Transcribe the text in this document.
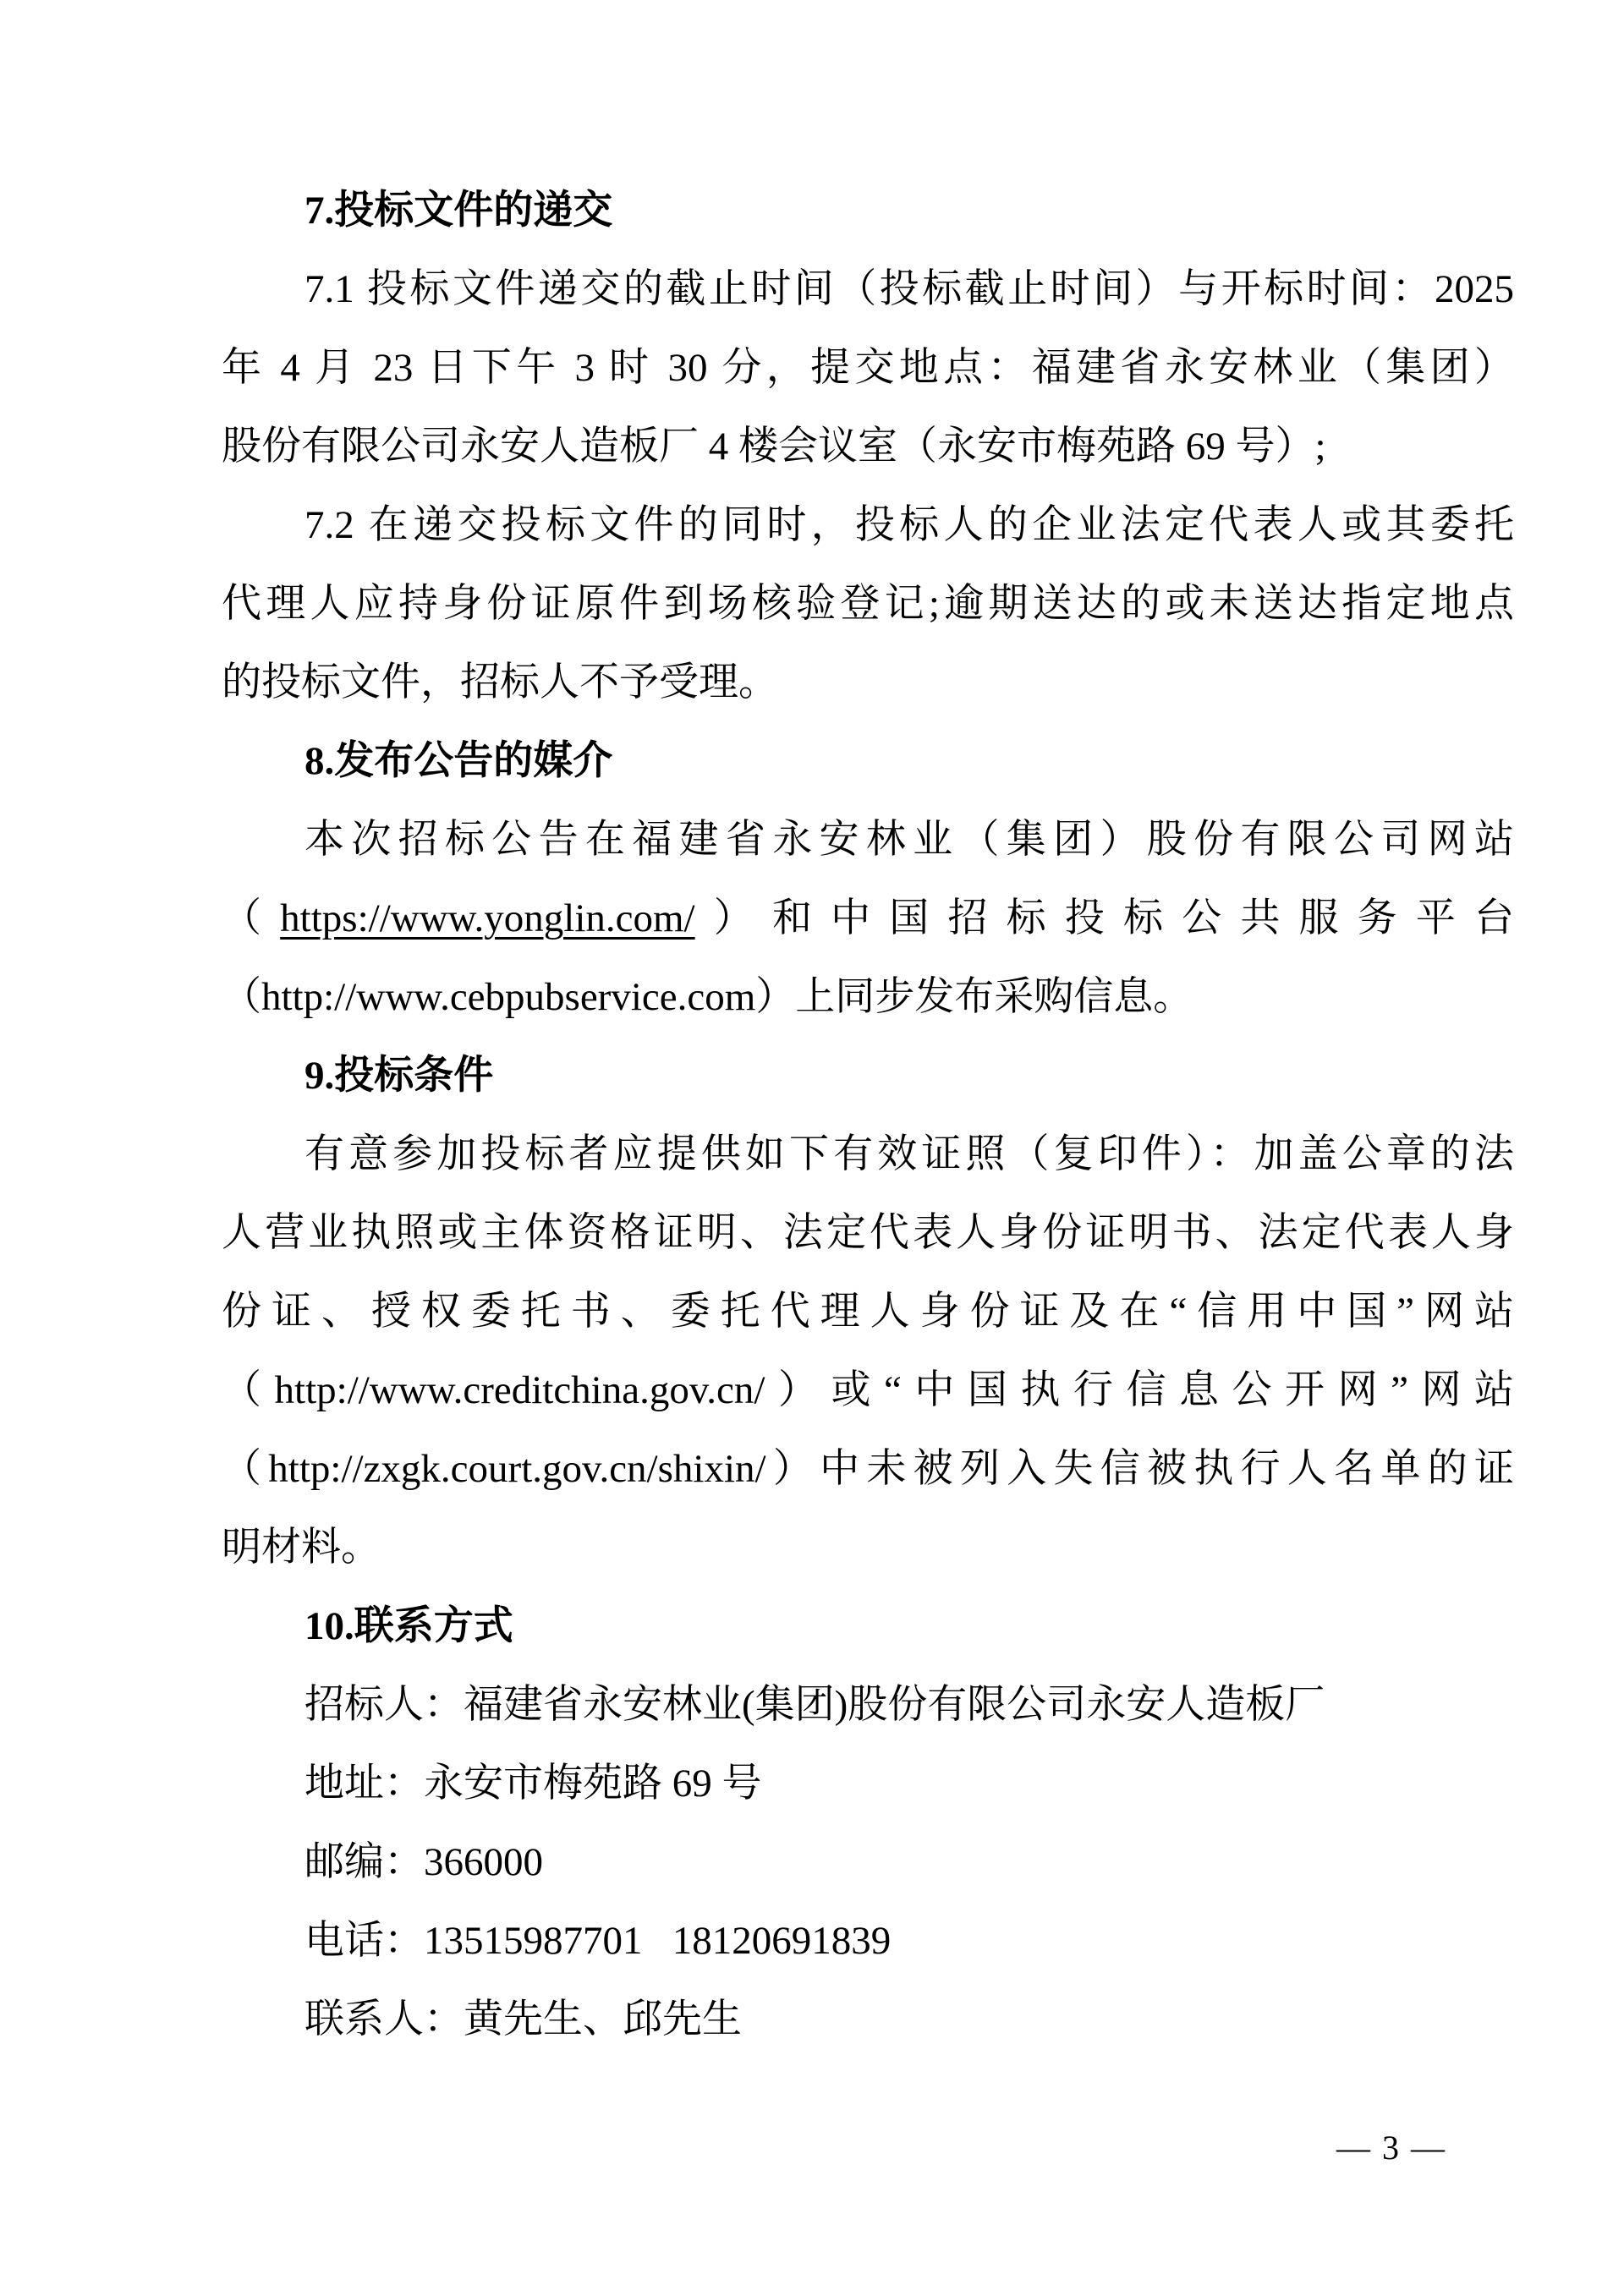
7.投标文件的递交
7.1 投标文件递交的截止时间（投标截止时间）与开标时间：2025
年 4 月 23 日下午 3 时 30 分，提交地点：福建省永安林业（集团）
股份有限公司永安人造板厂 4 楼会议室（永安市梅苑路 69 号）;
7.2 在递交投标文件的同时，投标人的企业法定代表人或其委托
代理人应持身份证原件到场核验登记;逾期送达的或未送达指定地点
的投标文件，招标人不予受理。
8.发布公告的媒介
本次招标公告在福建省永安林业（集团）股份有限公司网站
（https://www.yonglin.com/）和中国招标投标公共服务平台
（http://www.cebpubservice.com）上同步发布采购信息。
9.投标条件
有意参加投标者应提供如下有效证照（复印件）：加盖公章的法
人营业执照或主体资格证明、法定代表人身份证明书、法定代表人身
份证、授权委托书、委托代理人身份证及在“信用中国”网站
（http://www.creditchina.gov.cn/）或“中国执行信息公开网”网站
（http://zxgk.court.gov.cn/shixin/）中未被列入失信被执行人名单的证
明材料。
10.联系方式
招标人：福建省永安林业(集团)股份有限公司永安人造板厂
地址：永安市梅苑路 69 号
邮编：366000
电话：13515987701   18120691839
联系人：黄先生、邱先生
— 3 —
